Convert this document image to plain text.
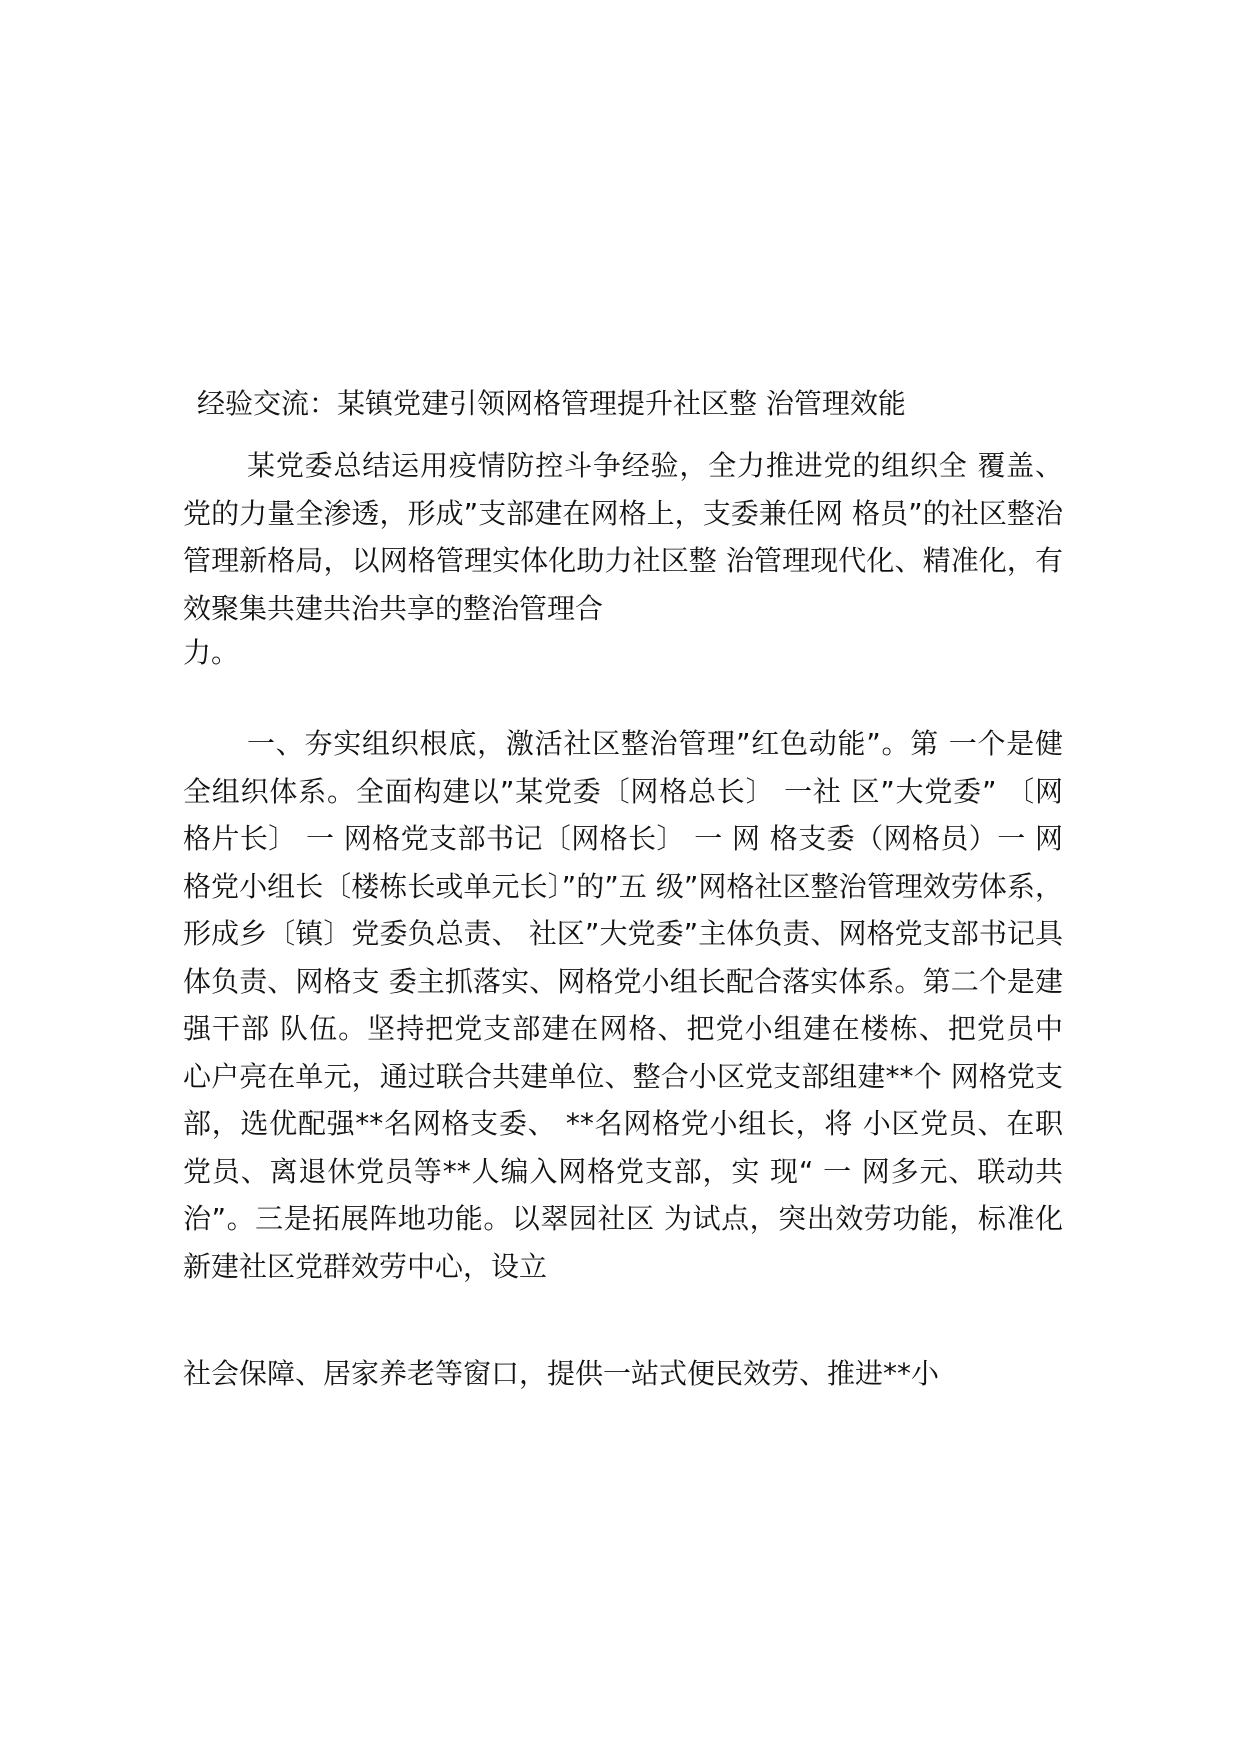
经验交流：某镇党建引领网格管理提升社区整 治管理效能

某党委总结运用疫情防控斗争经验，全力推进党的组织全 覆盖、党的力量全渗透，形成”支部建在网格上，支委兼任网 格员”的社区整治管理新格局，以网格管理实体化助力社区整 治管理现代化、精准化，有效聚集共建共治共享的整治管理合

力。

一、夯实组织根底，激活社区整治管理”红色动能”。第 一个是健全组织体系。全面构建以”某党委〔网格总长〕 一社 区”大党委” 〔网格片长〕 一 网格党支部书记〔网格长〕 一 网 格支委（网格员）一 网格党小组长〔楼栋长或单元长〕”的”五 级”网格社区整治管理效劳体系，形成乡〔镇〕党委负总责、 社区”大党委”主体负责、网格党支部书记具体负责、网格支 委主抓落实、网格党小组长配合落实体系。第二个是建强干部 队伍。坚持把党支部建在网格、把党小组建在楼栋、把党员中 心户亮在单元，通过联合共建单位、整合小区党支部组建**个 网格党支部，选优配强**名网格支委、 **名网格党小组长，将 小区党员、在职党员、离退休党员等**人编入网格党支部，实 现“ 一 网多元、联动共治”。三是拓展阵地功能。以翠园社区 为试点，突出效劳功能，标准化新建社区党群效劳中心，设立

社会保障、居家养老等窗口，提供一站式便民效劳、推进**小
